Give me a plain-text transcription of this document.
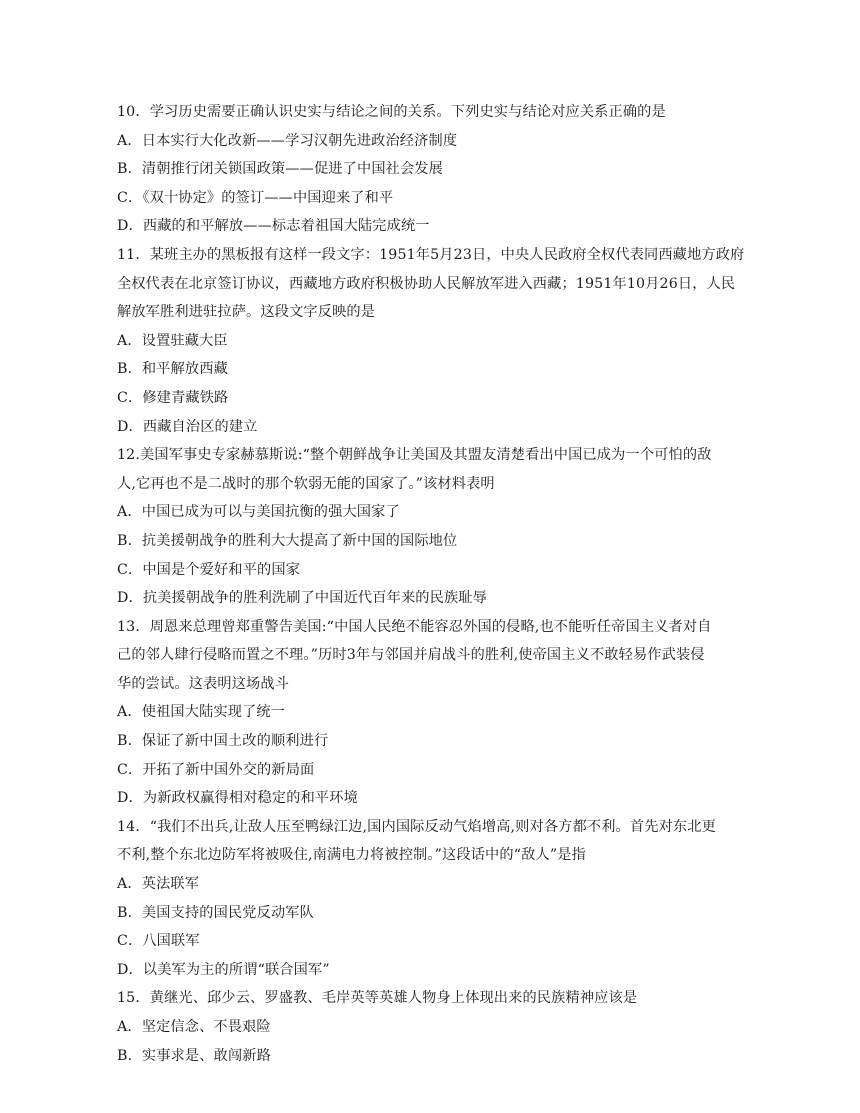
10．学习历史需要正确认识史实与结论之间的关系。下列史实与结论对应关系正确的是
A．日本实行大化改新——学习汉朝先进政治经济制度
B．清朝推行闭关锁国政策——促进了中国社会发展
C．《双十协定》的签订——中国迎来了和平
D．西藏的和平解放——标志着祖国大陆完成统一
11．某班主办的黑板报有这样一段文字：1951年5月23日，中央人民政府全权代表同西藏地方政府
全权代表在北京签订协议，西藏地方政府积极协助人民解放军进入西藏；1951年10月26日，人民
解放军胜利进驻拉萨。这段文字反映的是
A．设置驻藏大臣
B．和平解放西藏
C．修建青藏铁路
D．西藏自治区的建立
12.美国军事史专家赫慕斯说:“整个朝鲜战争让美国及其盟友清楚看出中国已成为一个可怕的敌
人,它再也不是二战时的那个软弱无能的国家了。”该材料表明
A．中国已成为可以与美国抗衡的强大国家了
B．抗美援朝战争的胜利大大提高了新中国的国际地位
C．中国是个爱好和平的国家
D．抗美援朝战争的胜利洗刷了中国近代百年来的民族耻辱
13．周恩来总理曾郑重警告美国:“中国人民绝不能容忍外国的侵略,也不能听任帝国主义者对自
己的邻人肆行侵略而置之不理。”历时3年与邻国并肩战斗的胜利,使帝国主义不敢轻易作武装侵
华的尝试。这表明这场战斗
A．使祖国大陆实现了统一
B．保证了新中国土改的顺利进行
C．开拓了新中国外交的新局面
D．为新政权赢得相对稳定的和平环境
14．“我们不出兵,让敌人压至鸭绿江边,国内国际反动气焰增高,则对各方都不利。首先对东北更
不利,整个东北边防军将被吸住,南满电力将被控制。”这段话中的“敌人”是指
A．英法联军
B．美国支持的国民党反动军队
C．八国联军
D．以美军为主的所谓“联合国军”
15．黄继光、邱少云、罗盛教、毛岸英等英雄人物身上体现出来的民族精神应该是
A．坚定信念、不畏艰险
B．实事求是、敢闯新路
